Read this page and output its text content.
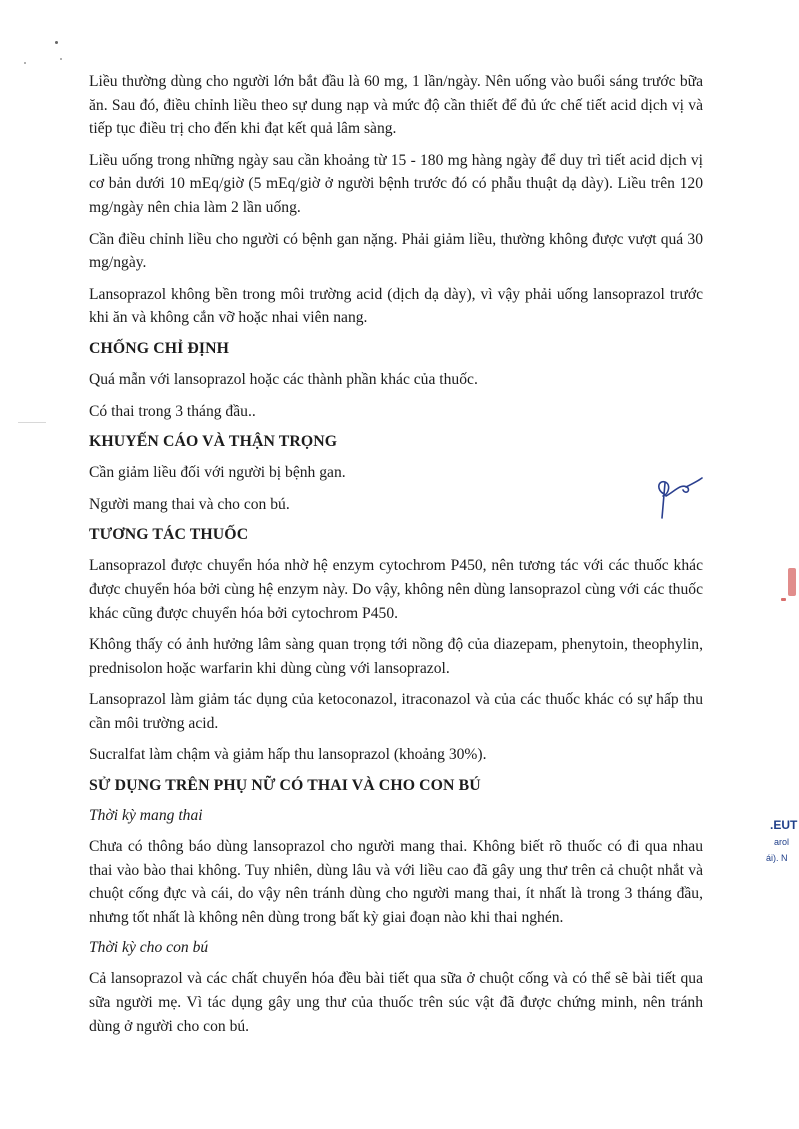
Liều thường dùng cho người lớn bắt đầu là 60 mg, 1 lần/ngày. Nên uống vào buổi sáng trước bữa ăn. Sau đó, điều chỉnh liều theo sự dung nạp và mức độ cần thiết để đủ ức chế tiết acid dịch vị và tiếp tục điều trị cho đến khi đạt kết quả lâm sàng.

Liều uống trong những ngày sau cần khoảng từ 15 - 180 mg hàng ngày để duy trì tiết acid dịch vị cơ bản dưới 10 mEq/giờ (5 mEq/giờ ở người bệnh trước đó có phẫu thuật dạ dày). Liều trên 120 mg/ngày nên chia làm 2 lần uống.

Cần điều chỉnh liều cho người có bệnh gan nặng. Phải giảm liều, thường không được vượt quá 30 mg/ngày.

Lansoprazol không bền trong môi trường acid (dịch dạ dày), vì vậy phải uống lansoprazol trước khi ăn và không cắn vỡ hoặc nhai viên nang.

CHỐNG CHỈ ĐỊNH

Quá mẫn với lansoprazol hoặc các thành phần khác của thuốc.

Có thai trong 3 tháng đầu..

KHUYẾN CÁO VÀ THẬN TRỌNG

Cần giảm liều đối với người bị bệnh gan.

Người mang thai và cho con bú.

TƯƠNG TÁC THUỐC

Lansoprazol được chuyển hóa nhờ hệ enzym cytochrom P450, nên tương tác với các thuốc khác được chuyển hóa bởi cùng hệ enzym này. Do vậy, không nên dùng lansoprazol cùng với các thuốc khác cũng được chuyển hóa bởi cytochrom P450.

Không thấy có ảnh hưởng lâm sàng quan trọng tới nồng độ của diazepam, phenytoin, theophylin, prednisolon hoặc warfarin khi dùng cùng với lansoprazol.

Lansoprazol làm giảm tác dụng của ketoconazol, itraconazol và của các thuốc khác có sự hấp thu cần môi trường acid.

Sucralfat làm chậm và giảm hấp thu lansoprazol (khoảng 30%).

SỬ DỤNG TRÊN PHỤ NỮ CÓ THAI VÀ CHO CON BÚ
Thời kỳ mang thai

Chưa có thông báo dùng lansoprazol cho người mang thai. Không biết rõ thuốc có đi qua nhau thai vào bào thai không. Tuy nhiên, dùng lâu và với liều cao đã gây ung thư trên cả chuột nhắt và chuột cống đực và cái, do vậy nên tránh dùng cho người mang thai, ít nhất là trong 3 tháng đầu, nhưng tốt nhất là không nên dùng trong bất kỳ giai đoạn nào khi thai nghén.

Thời kỳ cho con bú

Cả lansoprazol và các chất chuyển hóa đều bài tiết qua sữa ở chuột cống và có thể sẽ bài tiết qua sữa người mẹ. Vì tác dụng gây ung thư của thuốc trên súc vật đã được chứng minh, nên tránh dùng ở người cho con bú.

.EUT
arol
ái). N
